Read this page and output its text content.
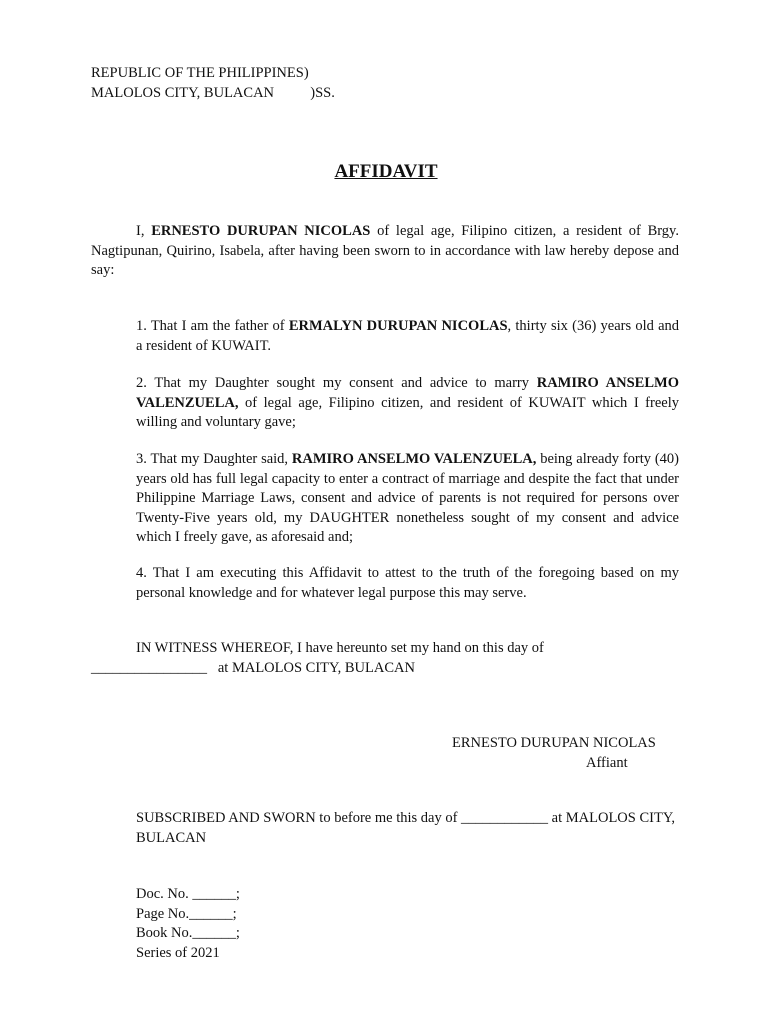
REPUBLIC OF THE PHILIPPINES)
MALOLOS CITY, BULACAN          )SS.
AFFIDAVIT
I, ERNESTO DURUPAN NICOLAS of legal age, Filipino citizen, a resident of Brgy. Nagtipunan, Quirino, Isabela, after having been sworn to in accordance with law hereby depose and say:
1. That I am the father of ERMALYN DURUPAN NICOLAS, thirty six (36) years old and a resident of KUWAIT.
2. That my Daughter sought my consent and advice to marry RAMIRO ANSELMO VALENZUELA, of legal age, Filipino citizen, and resident of KUWAIT which I freely willing and voluntary gave;
3. That my Daughter said, RAMIRO ANSELMO VALENZUELA, being already forty (40) years old has full legal capacity to enter a contract of marriage and despite the fact that under Philippine Marriage Laws, consent and advice of parents is not required for persons over Twenty-Five years old, my DAUGHTER nonetheless sought of my consent and advice which I freely gave, as aforesaid and;
4. That I am executing this Affidavit to attest to the truth of the foregoing based on my personal knowledge and for whatever legal purpose this may serve.
IN WITNESS WHEREOF, I have hereunto set my hand on this day of
________________   at MALOLOS CITY, BULACAN
ERNESTO DURUPAN NICOLAS
Affiant
SUBSCRIBED AND SWORN to before me this day of ____________ at MALOLOS CITY, BULACAN
Doc. No. ______;
Page No.______;
Book No.______;
Series of 2021
